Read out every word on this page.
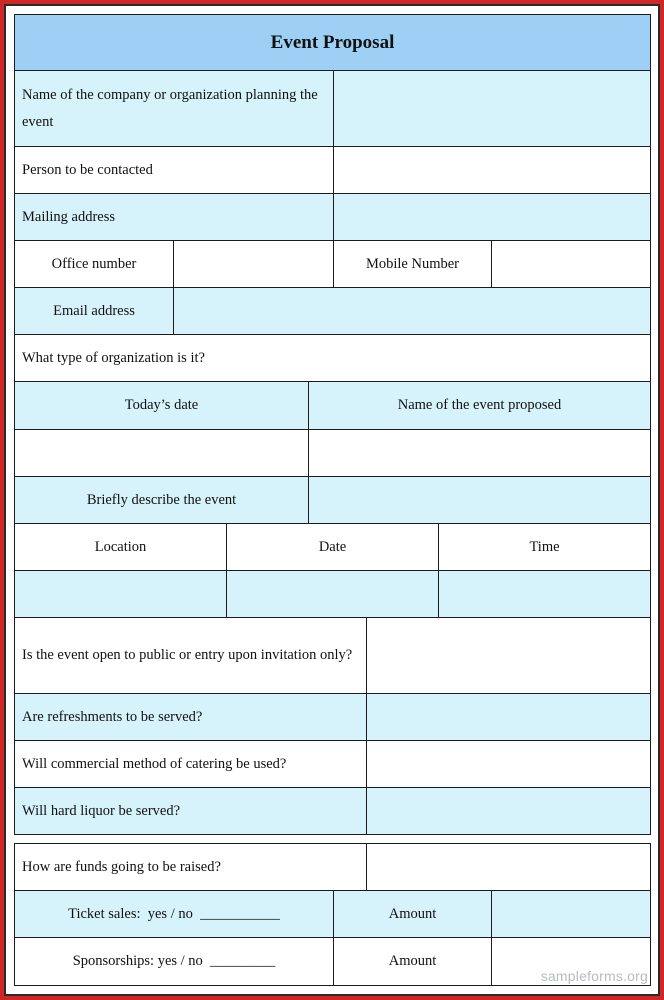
Event Proposal
Name of the company or organization planning the event
Person to be contacted
Mailing address
Office number	Mobile Number
Email address
What type of organization is it?
Today’s date	Name of the event proposed
Briefly describe the event
Location	Date	Time
Is the event open to public or entry upon invitation only?
Are refreshments to be served?
Will commercial method of catering be used?
Will hard liquor be served?
How are funds going to be raised?
Ticket sales:  yes / no  ___________	Amount
Sponsorships: yes / no  _________	Amount
sampleforms.org
